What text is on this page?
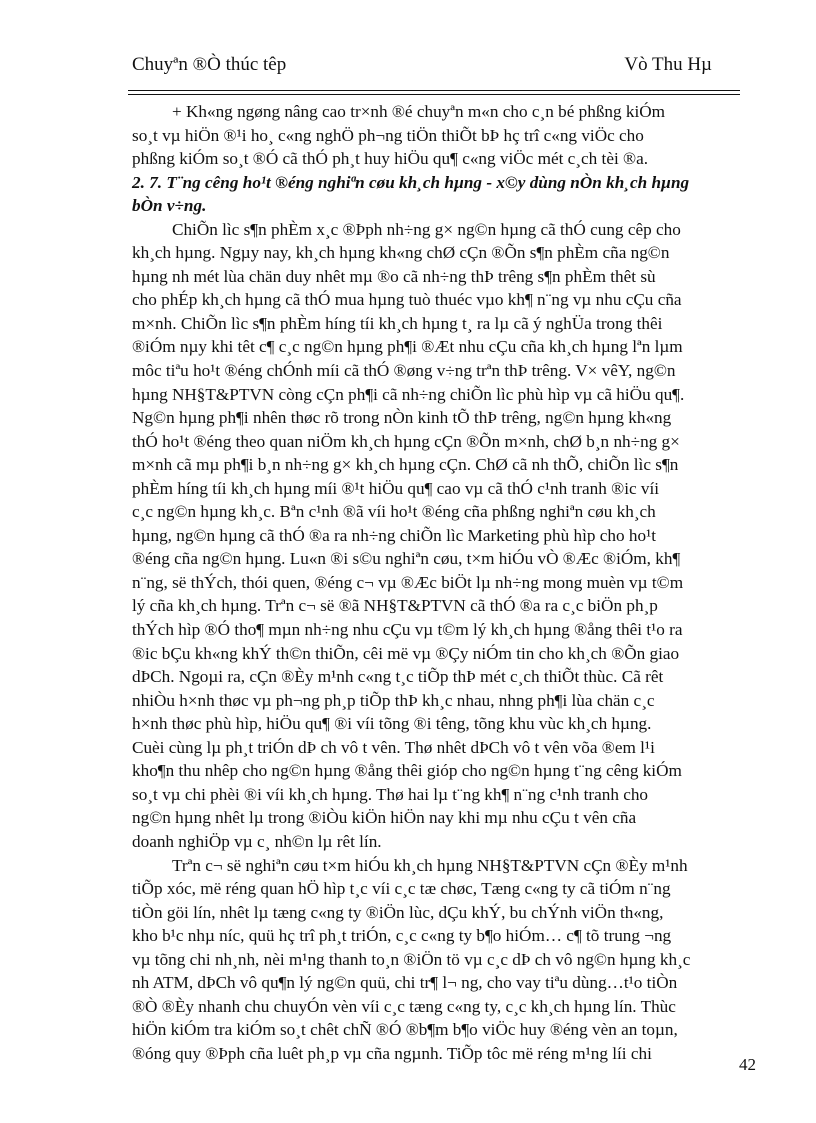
Chuyªn ®Ò thúc têp	Vò Thu Hµ
+ Kh«ng ngøng nâng cao tr×nh ®é chuyªn m«n cho c¸n bé phßng kiÓm
so¸t vµ hiÖn ®¹i ho¸ c«ng nghÖ ph¬ng tiÖn thiÕt bÞ hç trî c«ng viÖc cho
phßng kiÓm so¸t ®Ó cã thÓ ph¸t huy hiÖu qu¶ c«ng viÖc mét c¸ch tèi ®a.
2. 7. T¨ng cêng ho¹t ®éng nghiªn cøu kh¸ch hµng - x©y dùng nÒn kh¸ch hµng
bÒn v÷ng.
ChiÕn lìc s¶n phÈm x¸c ®Þph nh÷ng g× ng©n hµng cã thÓ cung cêp cho
kh¸ch hµng. Ngµy nay, kh¸ch hµng kh«ng chØ cÇn ®Õn s¶n phÈm cña ng©n
hµng nh mét lùa chän duy nhêt mµ ®o cã nh÷ng thÞ trêng s¶n phÈm thêt sù
cho phÉp kh¸ch hµng cã thÓ mua hµng tuò thuéc vµo kh¶ n¨ng vµ nhu cÇu cña
m×nh. ChiÕn lìc s¶n phÈm híng tíi kh¸ch hµng t¸ ra lµ cã ý nghÜa trong thêi
®iÓm nµy khi têt c¶ c¸c ng©n hµng ph¶i ®Æt nhu cÇu cña kh¸ch hµng lªn lµm
môc tiªu ho¹t ®éng chÓnh míi cã thÓ ®øng v÷ng trªn thÞ trêng. V× vêY, ng©n
hµng NH§T&PTVN còng cÇn ph¶i cã nh÷ng chiÕn lìc phù hìp vµ cã hiÖu qu¶.
Ng©n hµng ph¶i nhên thøc rõ trong nÒn kinh tÕ thÞ trêng, ng©n hµng kh«ng
thÓ ho¹t ®éng theo quan niÖm kh¸ch hµng cÇn ®Õn m×nh, chØ b¸n nh÷ng g×
m×nh cã mµ ph¶i b¸n nh÷ng g× kh¸ch hµng cÇn. ChØ cã nh thÕ, chiÕn lìc s¶n
phÈm híng tíi kh¸ch hµng míi ®¹t hiÖu qu¶ cao vµ cã thÓ c¹nh tranh ®ic víi
c¸c ng©n hµng kh¸c. Bªn c¹nh ®ã víi ho¹t ®éng cña phßng nghiªn cøu kh¸ch
hµng, ng©n hµng cã thÓ ®a ra nh÷ng chiÕn lìc Marketing phù hìp cho ho¹t
®éng cña ng©n hµng. Lu«n ®i s©u nghiªn cøu, t×m hiÓu vÒ ®Æc ®iÓm, kh¶
n¨ng, së thÝch, thói quen, ®éng c¬ vµ ®Æc biÖt lµ nh÷ng mong muèn vµ t©m
lý cña kh¸ch hµng. Trªn c¬ së ®ã NH§T&PTVN cã thÓ ®a ra c¸c biÖn ph¸p
thÝch hìp ®Ó tho¶ mµn nh÷ng nhu cÇu vµ t©m lý kh¸ch hµng ®ång thêi t¹o ra
®ic bÇu kh«ng khÝ th©n thiÕn, cêi më vµ ®Çy niÓm tin cho kh¸ch ®Õn giao
dÞCh. Ngoµi ra, cÇn ®Èy m¹nh c«ng t¸c tiÕp thÞ mét c¸ch thiÕt thùc. Cã rêt
nhiÒu h×nh thøc vµ ph¬ng ph¸p tiÕp thÞ kh¸c nhau, nhng ph¶i lùa chän c¸c
h×nh thøc phù hìp, hiÖu qu¶ ®i víi tõng ®i têng, tõng khu vùc kh¸ch hµng.
Cuèi cùng lµ ph¸t triÓn dÞ ch vô t vên. Thø nhêt dÞCh vô t vên võa ®em l¹i
kho¶n thu nhêp cho ng©n hµng ®ång thêi gióp cho ng©n hµng t¨ng cêng kiÓm
so¸t vµ chi phèi ®i víi kh¸ch hµng. Thø hai lµ t¨ng kh¶ n¨ng c¹nh tranh cho
ng©n hµng nhêt lµ trong ®iÒu kiÖn hiÖn nay khi mµ nhu cÇu t vên cña
doanh nghiÖp vµ c¸ nh©n lµ rêt lín.
Trªn c¬ së nghiªn cøu t×m hiÓu kh¸ch hµng NH§T&PTVN cÇn ®Èy m¹nh
tiÕp xóc, më réng quan hÖ hìp t¸c víi c¸c tæ chøc, Tæng c«ng ty cã tiÓm n¨ng
tiÒn göi lín, nhêt lµ tæng c«ng ty ®iÖn lùc, dÇu khÝ, bu chÝnh viÖn th«ng,
kho b¹c nhµ níc, quü hç trî ph¸t triÓn, c¸c c«ng ty b¶o hiÓm… c¶ tõ trung ¬ng
vµ tõng chi nh¸nh, nèi m¹ng thanh to¸n ®iÖn tö vµ c¸c dÞ ch vô ng©n hµng kh¸c
nh ATM, dÞCh vô qu¶n lý ng©n quü, chi tr¶ l¬ ng, cho vay tiªu dùng…t¹o tiÒn
®Ò ®Èy nhanh chu chuyÓn vèn víi c¸c tæng c«ng ty, c¸c kh¸ch hµng lín. Thùc
hiÖn kiÓm tra kiÓm so¸t chêt chÑ ®Ó ®b¶m b¶o viÖc huy ®éng vèn an toµn,
®óng quy ®Þph cña luêt ph¸p vµ cña ngµnh. TiÕp tôc më réng m¹ng líi chi
42
